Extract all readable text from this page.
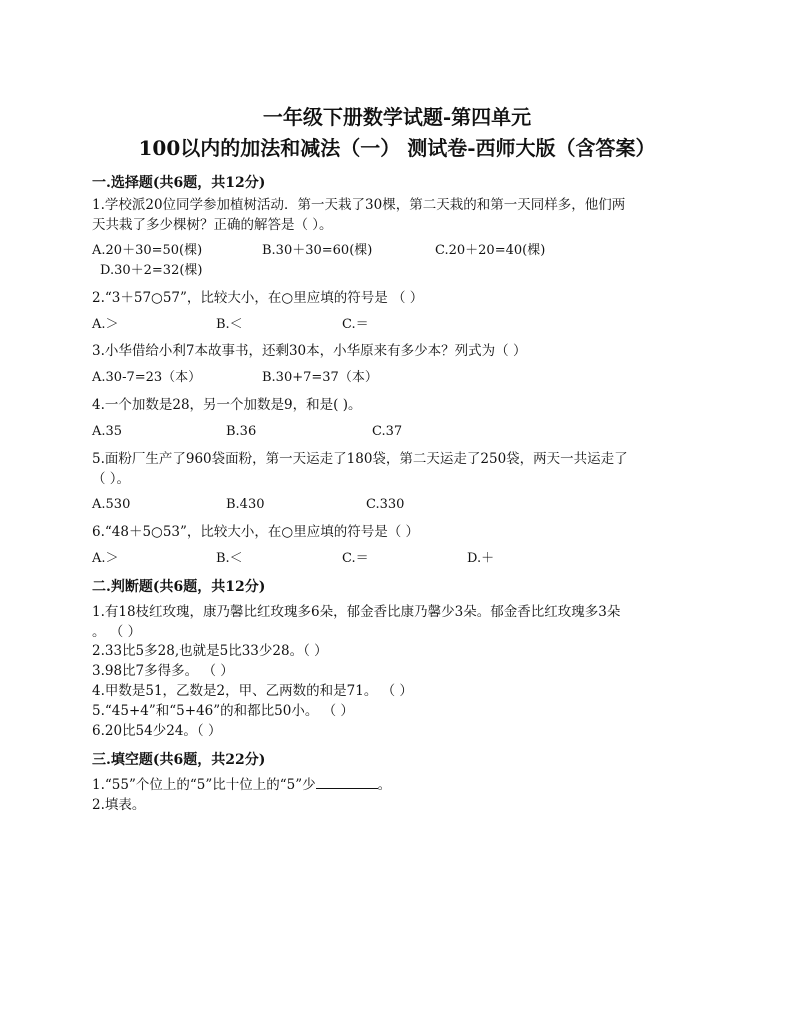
一年级下册数学试题-第四单元
100以内的加法和减法（一） 测试卷-西师大版（含答案）
一.选择题(共6题，共12分)
1.学校派20位同学参加植树活动．第一天栽了30棵，第二天栽的和第一天同样多，他们两
天共栽了多少棵树？正确的解答是（ ）。
A.20＋30=50(棵)	B.30＋30=60(棵)	C.20＋20=40(棵)
D.30＋2=32(棵)
2.“3＋57○57”，比较大小，在○里应填的符号是 （ ）
A.＞	B.＜	C.＝
3.小华借给小利7本故事书，还剩30本，小华原来有多少本？列式为（ ）
A.30-7=23（本）	B.30+7=37（本）
4.一个加数是28，另一个加数是9，和是( )。
A.35	B.36	C.37
5.面粉厂生产了960袋面粉，第一天运走了180袋，第二天运走了250袋，两天一共运走了
（ ）。
A.530	B.430	C.330
6.“48＋5○53”，比较大小，在○里应填的符号是（ ）
A.＞	B.＜	C.＝	D.＋
二.判断题(共6题，共12分)
1.有18枝红玫瑰，康乃馨比红玫瑰多6朵，郁金香比康乃馨少3朵。郁金香比红玫瑰多3朵
。 （ ）
2.33比5多28,也就是5比33少28。（ ）
3.98比7多得多。 （ ）
4.甲数是51，乙数是2，甲、乙两数的和是71。 （ ）
5.“45+4”和“5+46”的和都比50小。 （ ）
6.20比54少24。（ ）
三.填空题(共6题，共22分)
1.“55”个位上的“5”比十位上的“5”少	。
2.填表。
